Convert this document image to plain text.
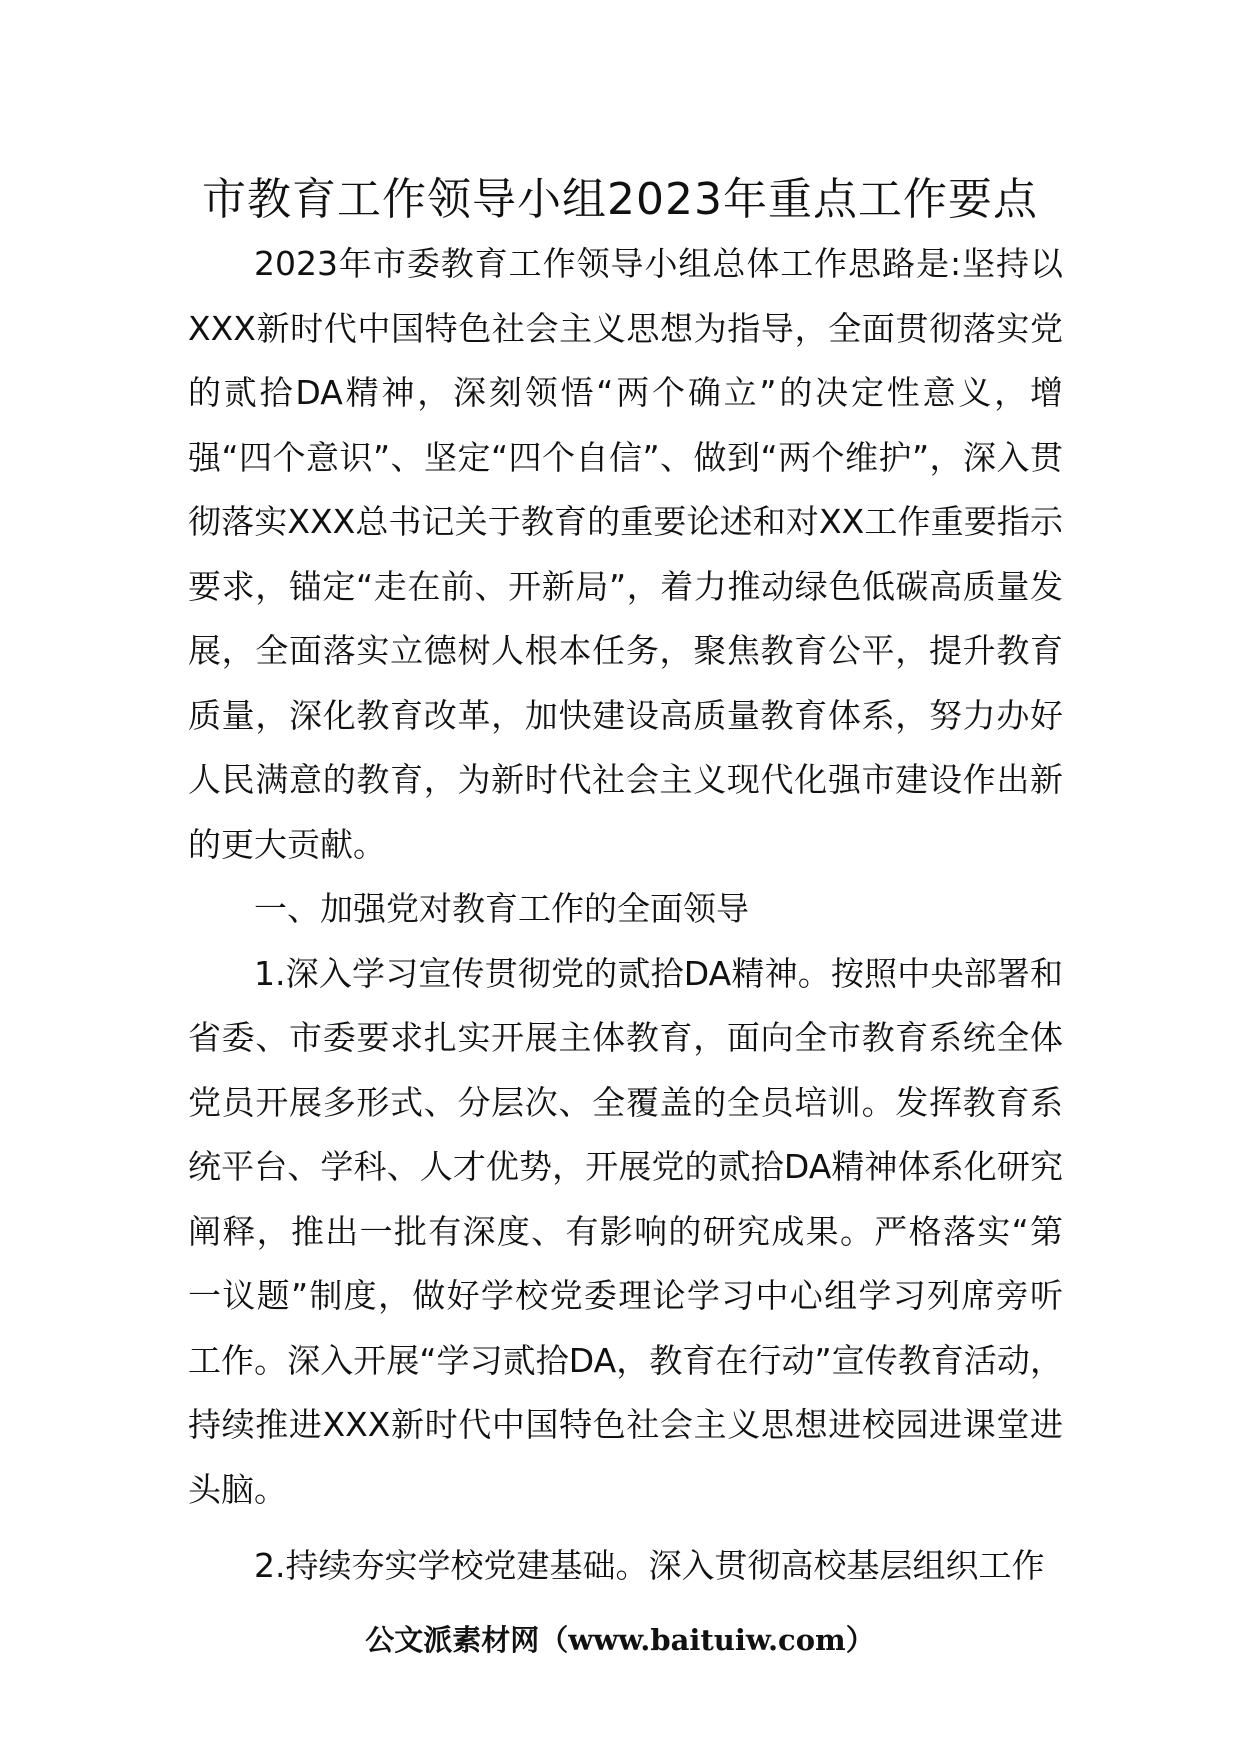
市教育工作领导小组2023年重点工作要点

2023年市委教育工作领导小组总体工作思路是:坚持以XXX新时代中国特色社会主义思想为指导，全面贯彻落实党的贰拾DA精神，深刻领悟“两个确立”的决定性意义，增强“四个意识”、坚定“四个自信”、做到“两个维护”，深入贯彻落实XXX总书记关于教育的重要论述和对XX工作重要指示要求，锚定“走在前、开新局”，着力推动绿色低碳高质量发展，全面落实立德树人根本任务，聚焦教育公平，提升教育质量，深化教育改革，加快建设高质量教育体系，努力办好人民满意的教育，为新时代社会主义现代化强市建设作出新的更大贡献。

一、加强党对教育工作的全面领导

1.深入学习宣传贯彻党的贰拾DA精神。按照中央部署和省委、市委要求扎实开展主体教育，面向全市教育系统全体党员开展多形式、分层次、全覆盖的全员培训。发挥教育系统平台、学科、人才优势，开展党的贰拾DA精神体系化研究阐释，推出一批有深度、有影响的研究成果。严格落实“第一议题”制度，做好学校党委理论学习中心组学习列席旁听工作。深入开展“学习贰拾DA，教育在行动”宣传教育活动，持续推进XXX新时代中国特色社会主义思想进校园进课堂进头脑。

2.持续夯实学校党建基础。深入贯彻高校基层组织工作

公文派素材网（www.baituiw.com）
